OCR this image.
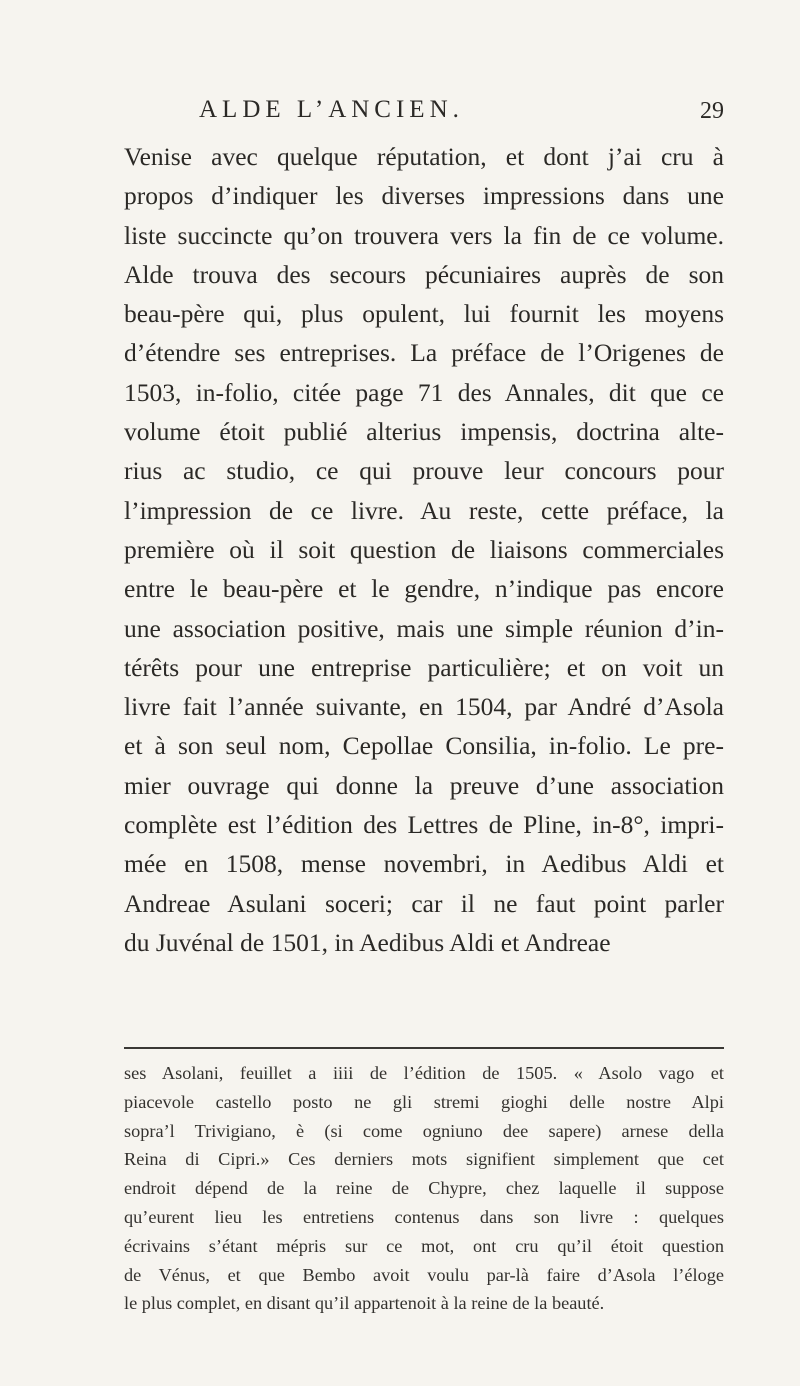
ALDE L’ANCIEN.	29
Venise avec quelque réputation, et dont j’ai cru à
propos d’indiquer les diverses impressions dans une
liste succincte qu’on trouvera vers la fin de ce volume.
Alde trouva des secours pécuniaires auprès de son
beau-père qui, plus opulent, lui fournit les moyens
d’étendre ses entreprises. La préface de l’Origenes de
1503, in-folio, citée page 71 des Annales, dit que ce
volume étoit publié alterius impensis, doctrina alte-
rius ac studio, ce qui prouve leur concours pour
l’impression de ce livre. Au reste, cette préface, la
première où il soit question de liaisons commerciales
entre le beau-père et le gendre, n’indique pas encore
une association positive, mais une simple réunion d’in-
térêts pour une entreprise particulière; et on voit un
livre fait l’année suivante, en 1504, par André d’Asola
et à son seul nom, Cepollae Consilia, in-folio. Le pre-
mier ouvrage qui donne la preuve d’une association
complète est l’édition des Lettres de Pline, in-8°, impri-
mée en 1508, mense novembri, in Aedibus Aldi et
Andreae Asulani soceri; car il ne faut point parler
du Juvénal de 1501, in Aedibus Aldi et Andreae
ses Asolani, feuillet a iiii de l’édition de 1505. « Asolo vago et
piacevole castello posto ne gli stremi gioghi delle nostre Alpi
sopra’l Trivigiano, è (si come ogniuno dee sapere) arnese della
Reina di Cipri.» Ces derniers mots signifient simplement que cet
endroit dépend de la reine de Chypre, chez laquelle il suppose
qu’eurent lieu les entretiens contenus dans son livre : quelques
écrivains s’étant mépris sur ce mot, ont cru qu’il étoit question
de Vénus, et que Bembo avoit voulu par-là faire d’Asola l’éloge
le plus complet, en disant qu’il appartenoit à la reine de la beauté.
